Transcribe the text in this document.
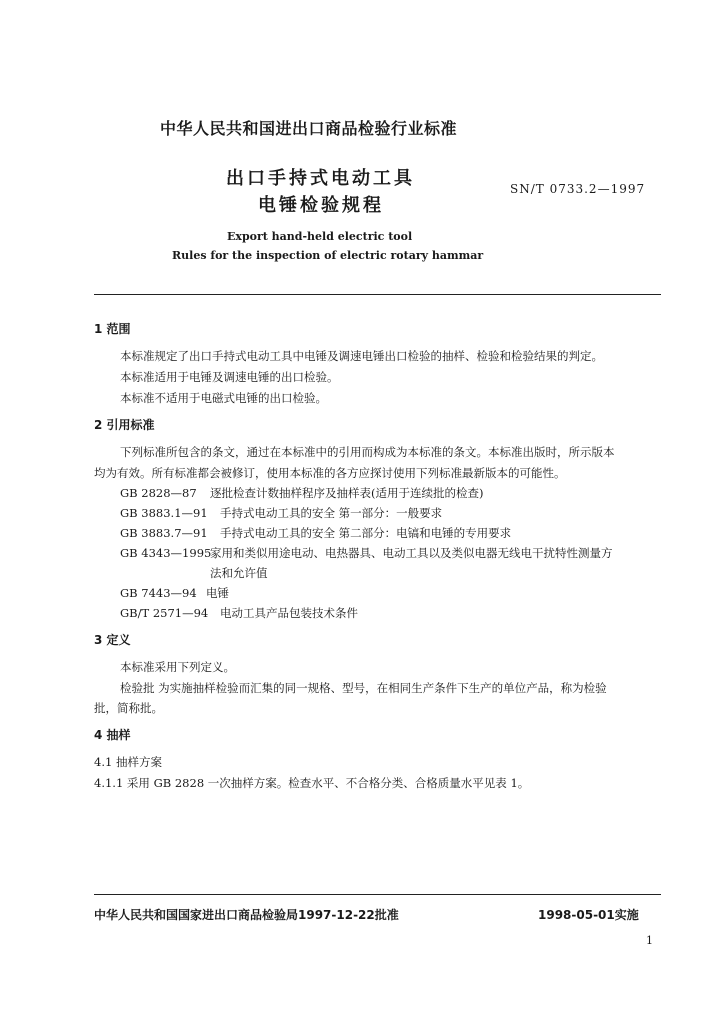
中华人民共和国进出口商品检验行业标准
出口手持式电动工具
电锤检验规程
SN/T 0733.2—1997
Export hand-held electric tool
Rules for the inspection of electric rotary hammar
1 范围
本标准规定了出口手持式电动工具中电锤及调速电锤出口检验的抽样、检验和检验结果的判定。
本标准适用于电锤及调速电锤的出口检验。
本标准不适用于电磁式电锤的出口检验。
2 引用标准
下列标准所包含的条文，通过在本标准中的引用而构成为本标准的条文。本标准出版时，所示版本
均为有效。所有标准都会被修订，使用本标准的各方应探讨使用下列标准最新版本的可能性。
GB 2828—87 逐批检查计数抽样程序及抽样表(适用于连续批的检查)
GB 3883.1—91 手持式电动工具的安全 第一部分：一般要求
GB 3883.7—91 手持式电动工具的安全 第二部分：电镐和电锤的专用要求
GB 4343—1995家用和类似用途电动、电热器具、电动工具以及类似电器无线电干扰特性测量方
法和允许值
GB 7443—94 电锤
GB/T 2571—94 电动工具产品包装技术条件
3 定义
本标准采用下列定义。
检验批 为实施抽样检验而汇集的同一规格、型号，在相同生产条件下生产的单位产品，称为检验
批，简称批。
4 抽样
4.1 抽样方案
4.1.1 采用 GB 2828 一次抽样方案。检查水平、不合格分类、合格质量水平见表 1。
中华人民共和国国家进出口商品检验局1997-12-22批准	1998-05-01实施
1
